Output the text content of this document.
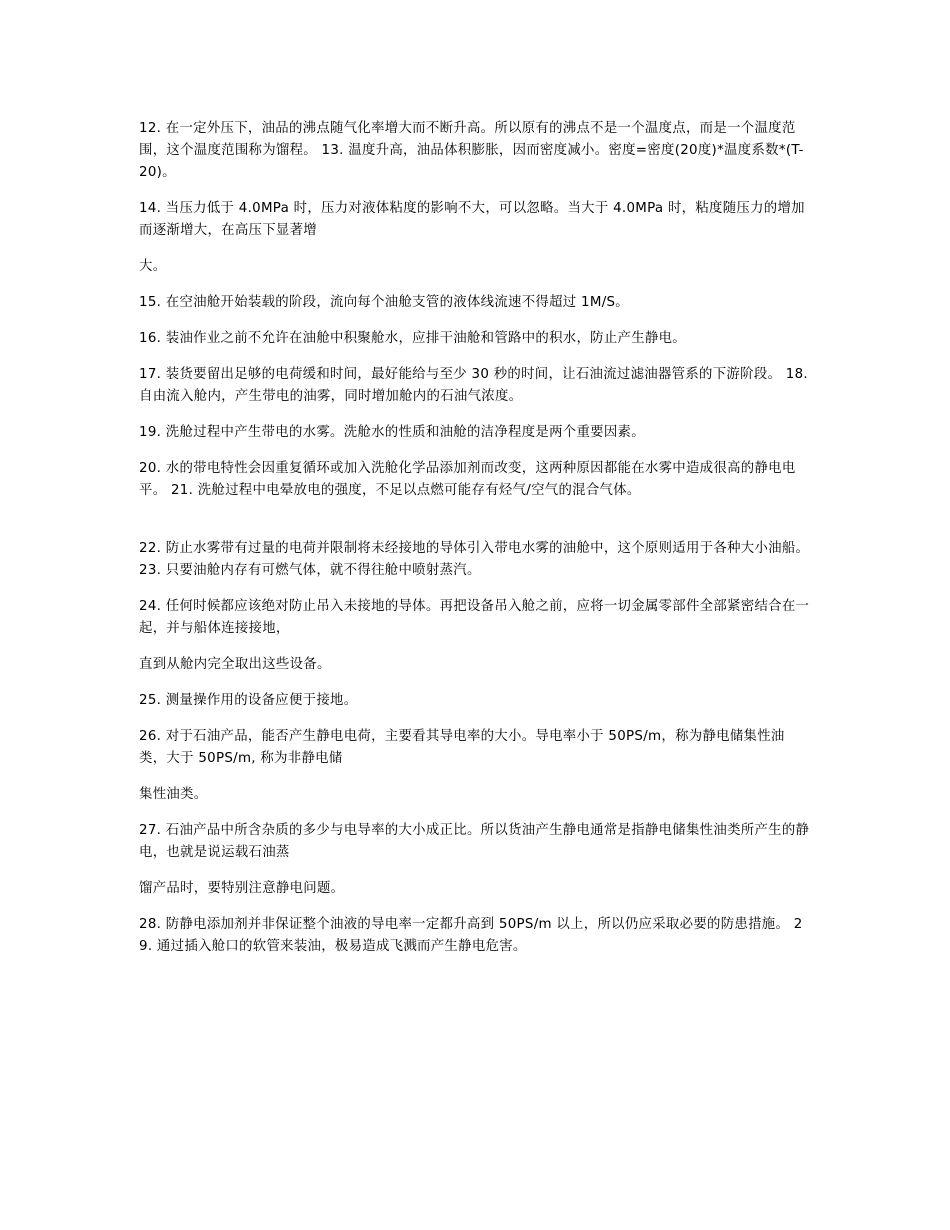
12. 在一定外压下，油品的沸点随气化率增大而不断升高。所以原有的沸点不是一个温度点，而是一个温度范围，这个温度范围称为馏程。 13. 温度升高，油品体积膨胀，因而密度减小。密度=密度(20度)*温度系数*(T-20)。

14. 当压力低于 4.0MPa 时，压力对液体粘度的影响不大，可以忽略。当大于 4.0MPa 时，粘度随压力的增加而逐渐增大，在高压下显著增

大。

15. 在空油舱开始装载的阶段，流向每个油舱支管的液体线流速不得超过 1M/S。

16. 装油作业之前不允许在油舱中积聚舱水，应排干油舱和管路中的积水，防止产生静电。

17. 装货要留出足够的电荷缓和时间，最好能给与至少 30 秒的时间，让石油流过滤油器管系的下游阶段。 18. 自由流入舱内，产生带电的油雾，同时增加舱内的石油气浓度。

19. 洗舱过程中产生带电的水雾。洗舱水的性质和油舱的洁净程度是两个重要因素。

20. 水的带电特性会因重复循环或加入洗舱化学品添加剂而改变，这两种原因都能在水雾中造成很高的静电电平。 21. 洗舱过程中电晕放电的强度，不足以点燃可能存有烃气/空气的混合气体。

22. 防止水雾带有过量的电荷并限制将未经接地的导体引入带电水雾的油舱中，这个原则适用于各种大小油船。 23. 只要油舱内存有可燃气体，就不得往舱中喷射蒸汽。

24. 任何时候都应该绝对防止吊入未接地的导体。再把设备吊入舱之前，应将一切金属零部件全部紧密结合在一起，并与船体连接接地，

直到从舱内完全取出这些设备。

25. 测量操作用的设备应便于接地。

26. 对于石油产品，能否产生静电电荷，主要看其导电率的大小。导电率小于 50PS/m，称为静电储集性油类，大于 50PS/m, 称为非静电储

集性油类。

27. 石油产品中所含杂质的多少与电导率的大小成正比。所以货油产生静电通常是指静电储集性油类所产生的静电，也就是说运载石油蒸

馏产品时，要特别注意静电问题。

28. 防静电添加剂并非保证整个油液的导电率一定都升高到 50PS/m 以上，所以仍应采取必要的防患措施。 29. 通过插入舱口的软管来装油，极易造成飞溅而产生静电危害。
